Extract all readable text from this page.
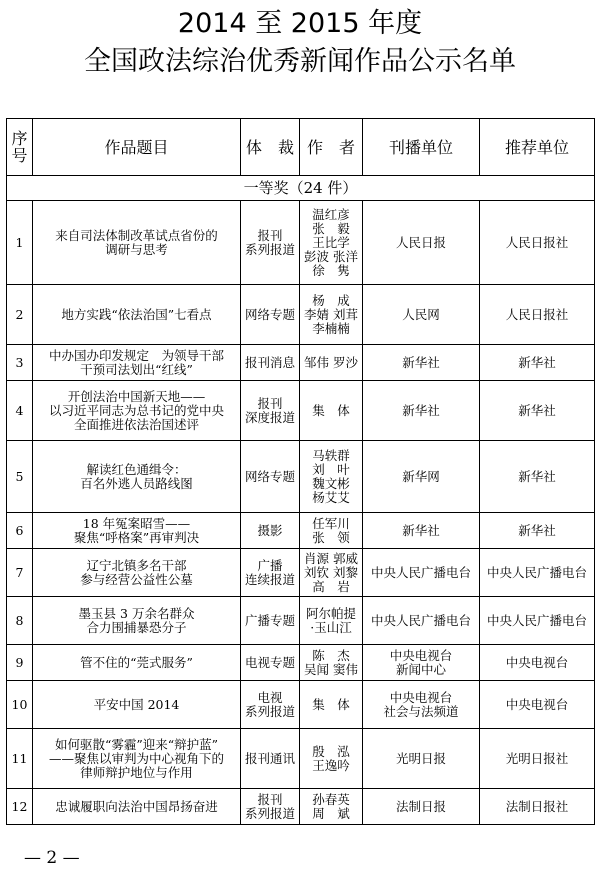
2014 至 2015 年度
全国政法综治优秀新闻作品公示名单
序
号	作品题目	体　裁	作　者	刊播单位	推荐单位
一等奖（24 件）					
1	来自司法体制改革试点省份的
调研与思考	报刊
系列报道	温红彦
张　毅
王比学
彭波 张洋
徐　隽	人民日报	人民日报社
2	地方实践“依法治国”七看点	网络专题	杨　成
李婧 刘茸
李楠楠	人民网	人民日报社
3	中办国办印发规定　为领导干部
干预司法划出“红线”	报刊消息	邹伟 罗沙	新华社	新华社
4	开创法治中国新天地——
以习近平同志为总书记的党中央
全面推进依法治国述评	报刊
深度报道	集　体	新华社	新华社
5	解读红色通缉令：
百名外逃人员路线图	网络专题	马轶群
刘　叶
魏文彬
杨艾艾	新华网	新华社
6	18 年冤案昭雪——
聚焦“呼格案”再审判决	摄影	任军川
张　领	新华社	新华社
7	辽宁北镇多名干部
参与经营公益性公墓	广播
连续报道	肖源 郭威
刘钦 刘黎
高　岩	中央人民广播电台	中央人民广播电台
8	墨玉县 3 万余名群众
合力围捕暴恐分子	广播专题	阿尔帕提
·玉山江	中央人民广播电台	中央人民广播电台
9	管不住的“莞式服务”	电视专题	陈　杰
吴闻 窦伟	中央电视台
新闻中心	中央电视台
10	平安中国 2014	电视
系列报道	集　体	中央电视台
社会与法频道	中央电视台
11	如何驱散“雾霾”迎来“辩护蓝”
——聚焦以审判为中心视角下的
律师辩护地位与作用	报刊通讯	殷　泓
王逸吟	光明日报	光明日报社
12	忠诚履职向法治中国昂扬奋进	报刊
系列报道	孙春英
周　斌	法制日报	法制日报社
— 2 —
